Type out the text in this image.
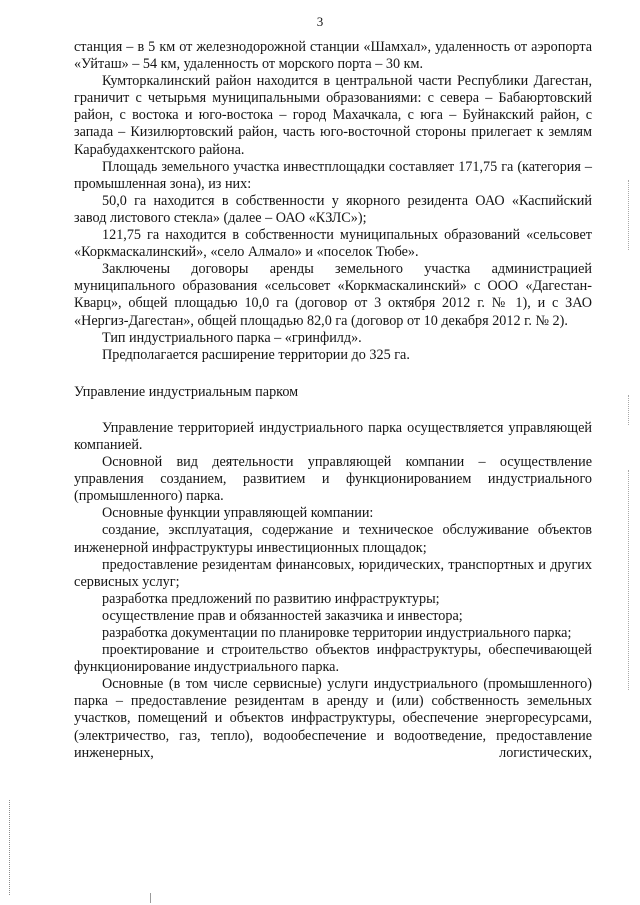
3

станция – в 5 км от железнодорожной станции «Шамхал», удаленность от аэропорта «Уйташ» – 54 км, удаленность от морского порта – 30 км.

Кумторкалинский район находится в центральной части Республики Дагестан, граничит с четырьмя муниципальными образованиями: с севера – Бабаюртовский район, с востока и юго-востока – город Махачкала, с юга – Буйнакский район, с запада – Кизилюртовский район, часть юго-восточной стороны прилегает к землям Карабудахкентского района.

Площадь земельного участка инвестплощадки составляет 171,75 га (категория – промышленная зона), из них:

50,0 га находится в собственности у якорного резидента ОАО «Каспийский завод листового стекла» (далее – ОАО «КЗЛС»);

121,75 га находится в собственности муниципальных образований «сельсовет «Коркмаскалинский», «село Алмало» и «поселок Тюбе».

Заключены договоры аренды земельного участка администрацией муниципального образования «сельсовет «Коркмаскалинский» с ООО «Дагестан-Кварц», общей площадью 10,0 га (договор от 3 октября 2012 г. № 1), и с ЗАО «Нергиз-Дагестан», общей площадью 82,0 га (договор от 10 декабря 2012 г. № 2).

Тип индустриального парка – «гринфилд».

Предполагается расширение территории до 325 га.

Управление индустриальным парком

Управление территорией индустриального парка осуществляется управляющей компанией.

Основной вид деятельности управляющей компании – осуществление управления созданием, развитием и функционированием индустриального (промышленного) парка.

Основные функции управляющей компании:

создание, эксплуатация, содержание и техническое обслуживание объектов инженерной инфраструктуры инвестиционных площадок;

предоставление резидентам финансовых, юридических, транспортных и других сервисных услуг;

разработка предложений по развитию инфраструктуры;

осуществление прав и обязанностей заказчика и инвестора;

разработка документации по планировке территории индустриального парка;

проектирование и строительство объектов инфраструктуры, обеспечивающей функционирование индустриального парка.

Основные (в том числе сервисные) услуги индустриального (промышленного) парка – предоставление резидентам в аренду и (или) собственность земельных участков, помещений и объектов инфраструктуры, обеспечение энергоресурсами, (электричество, газ, тепло), водообеспечение и водоотведение, предоставление инженерных, логистических,
